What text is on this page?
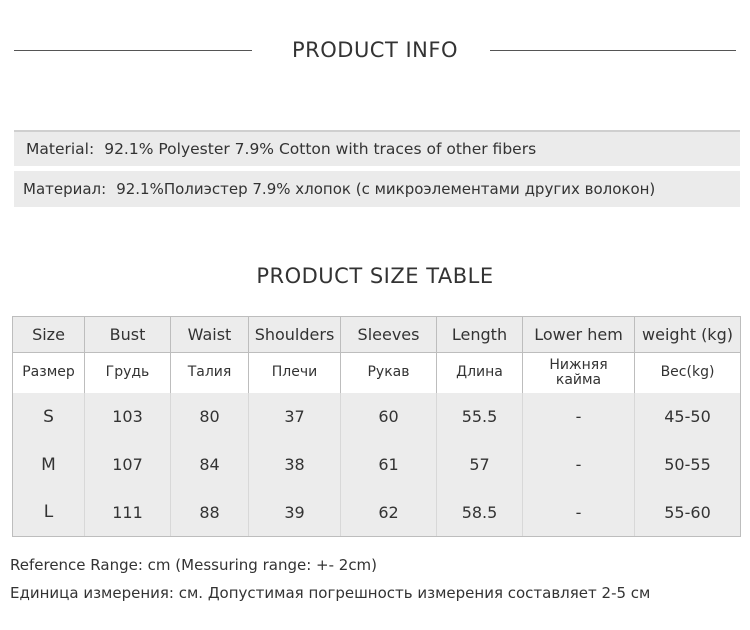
PRODUCT INFO
Material: 92.1% Polyester 7.9% Cotton with traces of other fibers
Материал: 92.1%Полиэстер 7.9% хлопок (с микроэлементами других волокон)
PRODUCT SIZE TABLE
Size	Bust	Waist	Shoulders	Sleeves	Length	Lower hem	weight (kg)
Размер	Грудь	Талия	Плечи	Рукав	Длина	Нижняя кайма	Вес(kg)
S	103	80	37	60	55.5	-	45-50
M	107	84	38	61	57	-	50-55
L	111	88	39	62	58.5	-	55-60
Reference Range: cm (Messuring range: +- 2cm)
Единица измерения: см. Допустимая погрешность измерения составляет 2-5 см
